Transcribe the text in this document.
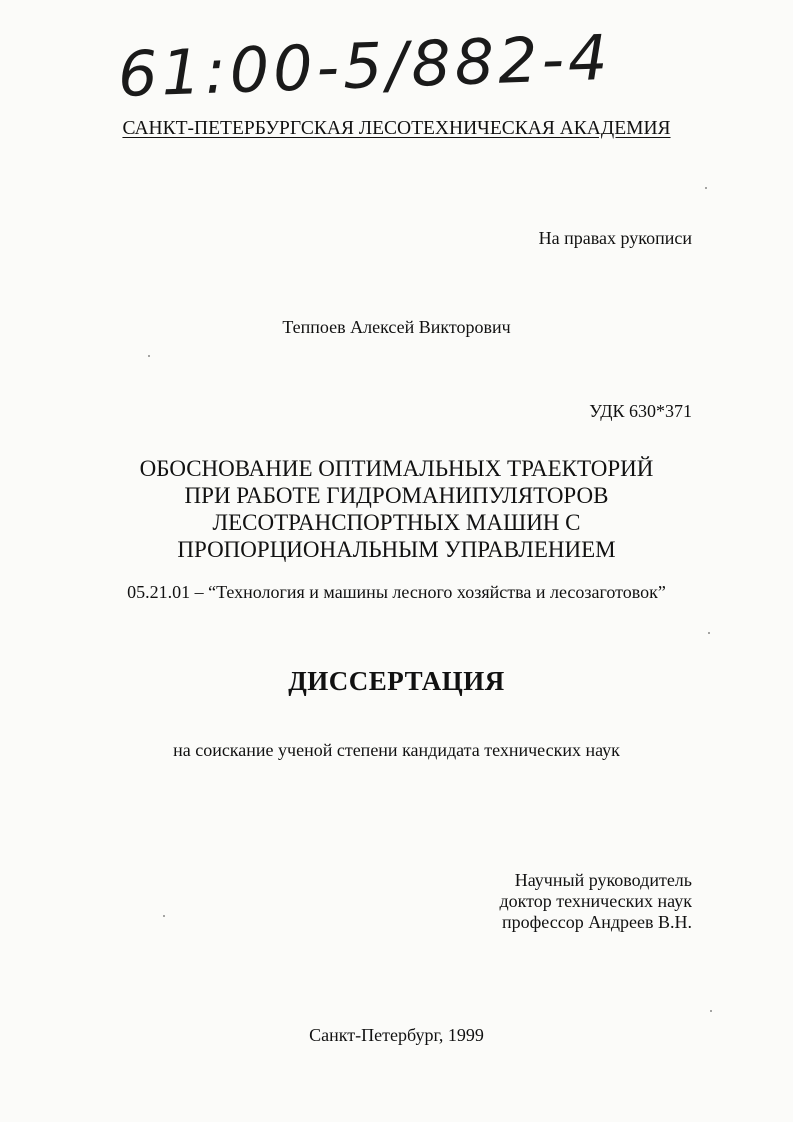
61:00-5/882-4
САНКТ-ПЕТЕРБУРГСКАЯ ЛЕСОТЕХНИЧЕСКАЯ АКАДЕМИЯ
На правах рукописи
Теппоев Алексей Викторович
УДК 630*371
ОБОСНОВАНИЕ ОПТИМАЛЬНЫХ ТРАЕКТОРИЙ
ПРИ РАБОТЕ ГИДРОМАНИПУЛЯТОРОВ
ЛЕСОТРАНСПОРТНЫХ МАШИН С
ПРОПОРЦИОНАЛЬНЫМ УПРАВЛЕНИЕМ
05.21.01 – “Технология и машины лесного хозяйства и лесозаготовок”
ДИССЕРТАЦИЯ
на соискание ученой степени кандидата технических наук
Научный руководитель
доктор технических наук
профессор Андреев В.Н.
Санкт-Петербург, 1999
